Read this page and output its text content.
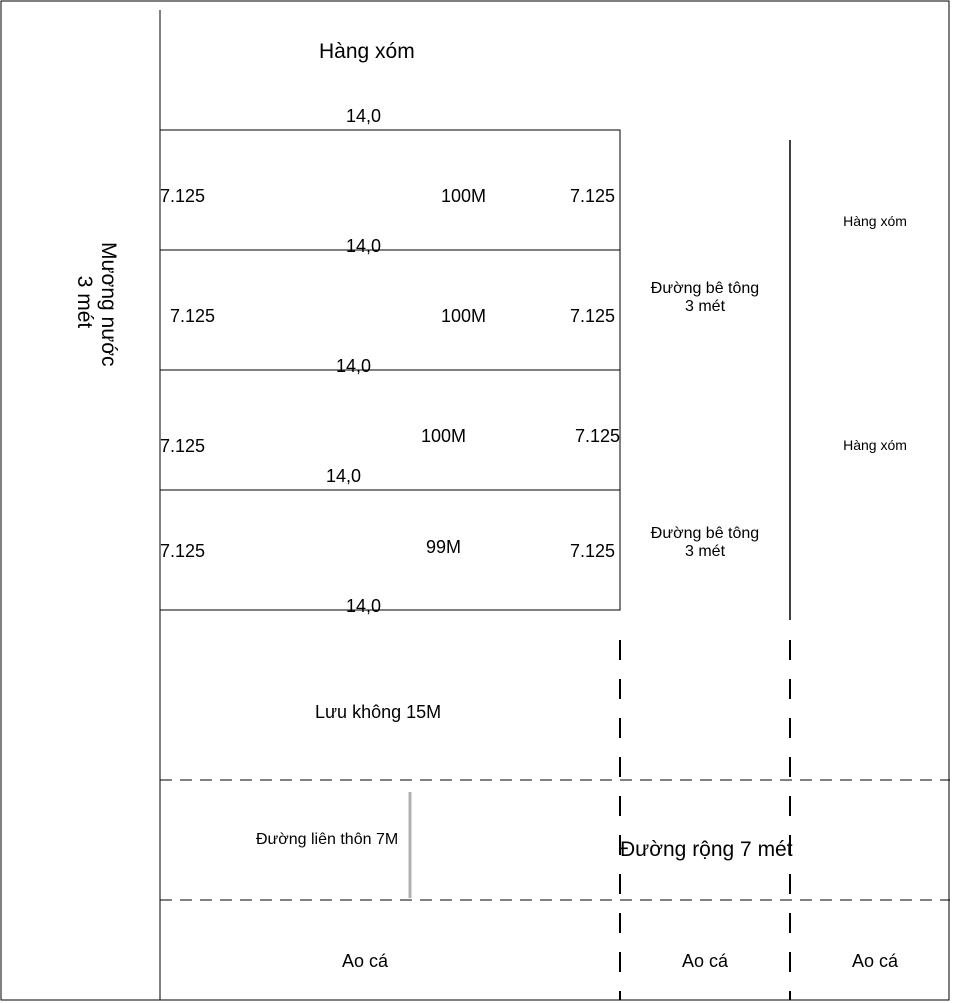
Hàng xóm
Mương nước
3 mét
14,0
14,0
14,0
14,0
14,0
7.125	100M	7.125
7.125	100M	7.125
7.125	100M	7.125
7.125	99M	7.125
Đường bê tông
3 mét
Đường bê tông
3 mét
Hàng xóm
Hàng xóm
Lưu không 15M
Đường liên thôn 7M	Đường rộng 7 mét
Ao cá	Ao cá	Ao cá
